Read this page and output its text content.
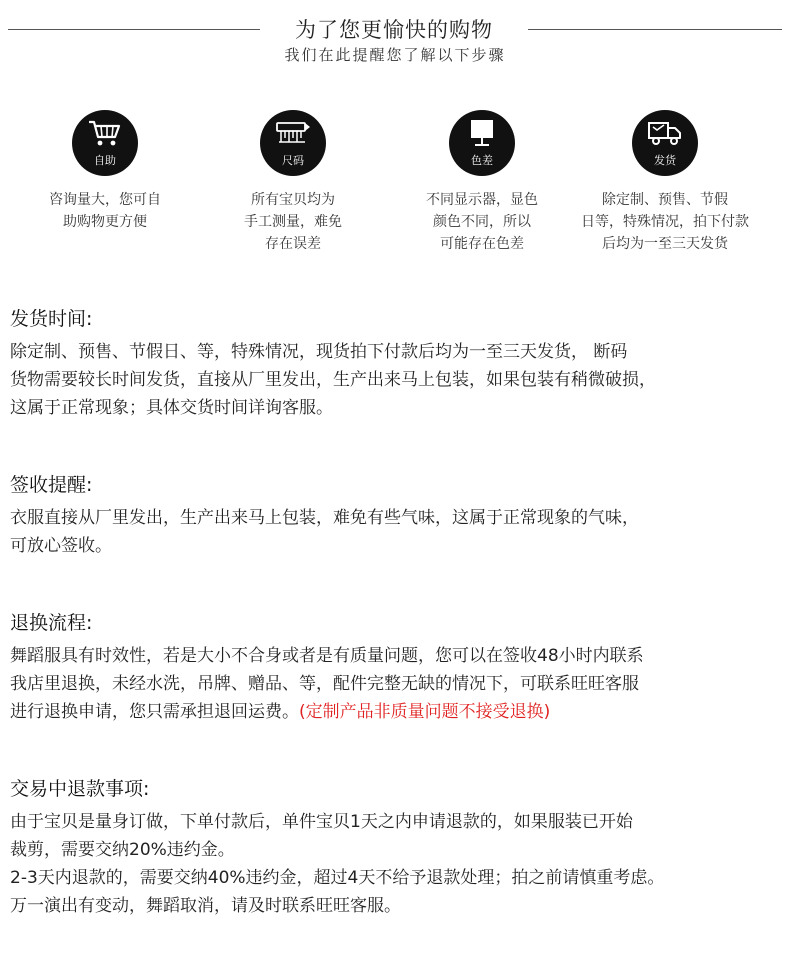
为了您更愉快的购物
我们在此提醒您了解以下步骤
自助
咨询量大，您可自
助购物更方便
尺码
所有宝贝均为
手工测量，难免
存在误差
色差
不同显示器，显色
颜色不同，所以
可能存在色差
发货
除定制、预售、节假
日等，特殊情况，拍下付款
后均为一至三天发货
发货时间:
除定制、预售、节假日、等，特殊情况，现货拍下付款后均为一至三天发货， 断码
货物需要较长时间发货，直接从厂里发出，生产出来马上包装，如果包装有稍微破损，
这属于正常现象；具体交货时间详询客服。
签收提醒:
衣服直接从厂里发出，生产出来马上包装，难免有些气味，这属于正常现象的气味，
可放心签收。
退换流程:
舞蹈服具有时效性，若是大小不合身或者是有质量问题，您可以在签收48小时内联系
我店里退换，未经水洗，吊牌、赠品、等，配件完整无缺的情况下，可联系旺旺客服
进行退换申请，您只需承担退回运费。(定制产品非质量问题不接受退换)
交易中退款事项:
由于宝贝是量身订做，下单付款后，单件宝贝1天之内申请退款的，如果服装已开始
裁剪，需要交纳20%违约金。
2-3天内退款的，需要交纳40%违约金，超过4天不给予退款处理；拍之前请慎重考虑。
万一演出有变动，舞蹈取消，请及时联系旺旺客服。
